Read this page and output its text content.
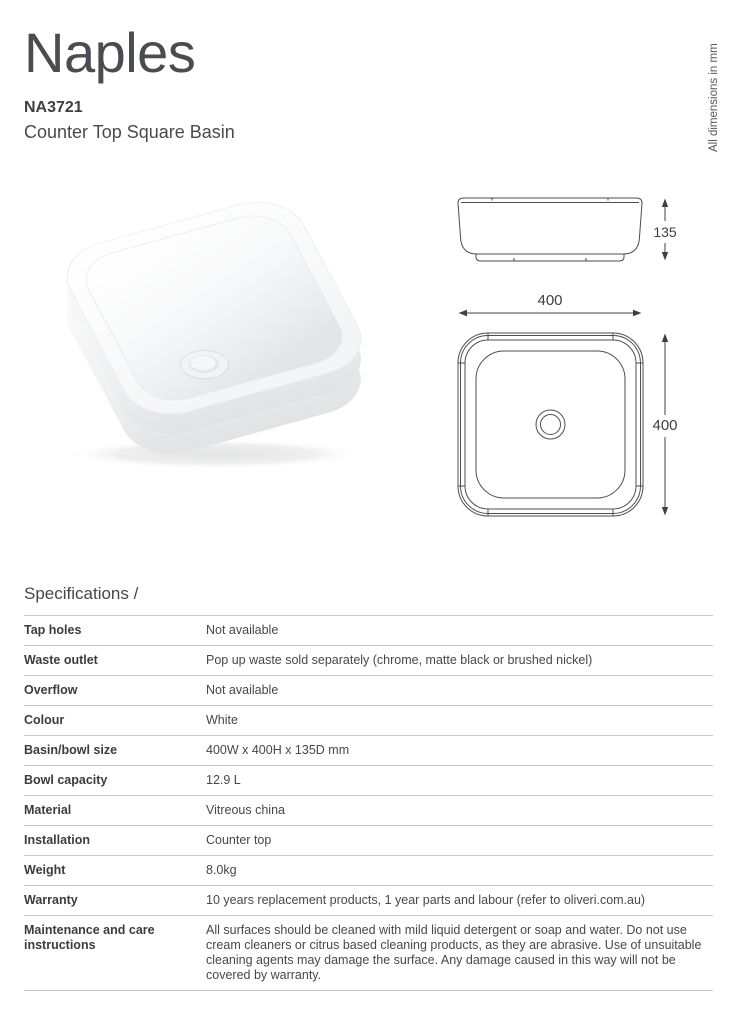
Naples
NA3721
Counter Top Square Basin	All dimensions in mm
135
400
400
Specifications /
Tap holes	Not available
Waste outlet	Pop up waste sold separately (chrome, matte black or brushed nickel)
Overflow	Not available
Colour	White
Basin/bowl size	400W x 400H x 135D mm
Bowl capacity	12.9 L
Material	Vitreous china
Installation	Counter top
Weight	8.0kg
Warranty	10 years replacement products, 1 year parts and labour (refer to oliveri.com.au)
Maintenance and care instructions	All surfaces should be cleaned with mild liquid detergent or soap and water. Do not use cream cleaners or citrus based cleaning products, as they are abrasive. Use of unsuitable cleaning agents may damage the surface. Any damage caused in this way will not be covered by warranty.
